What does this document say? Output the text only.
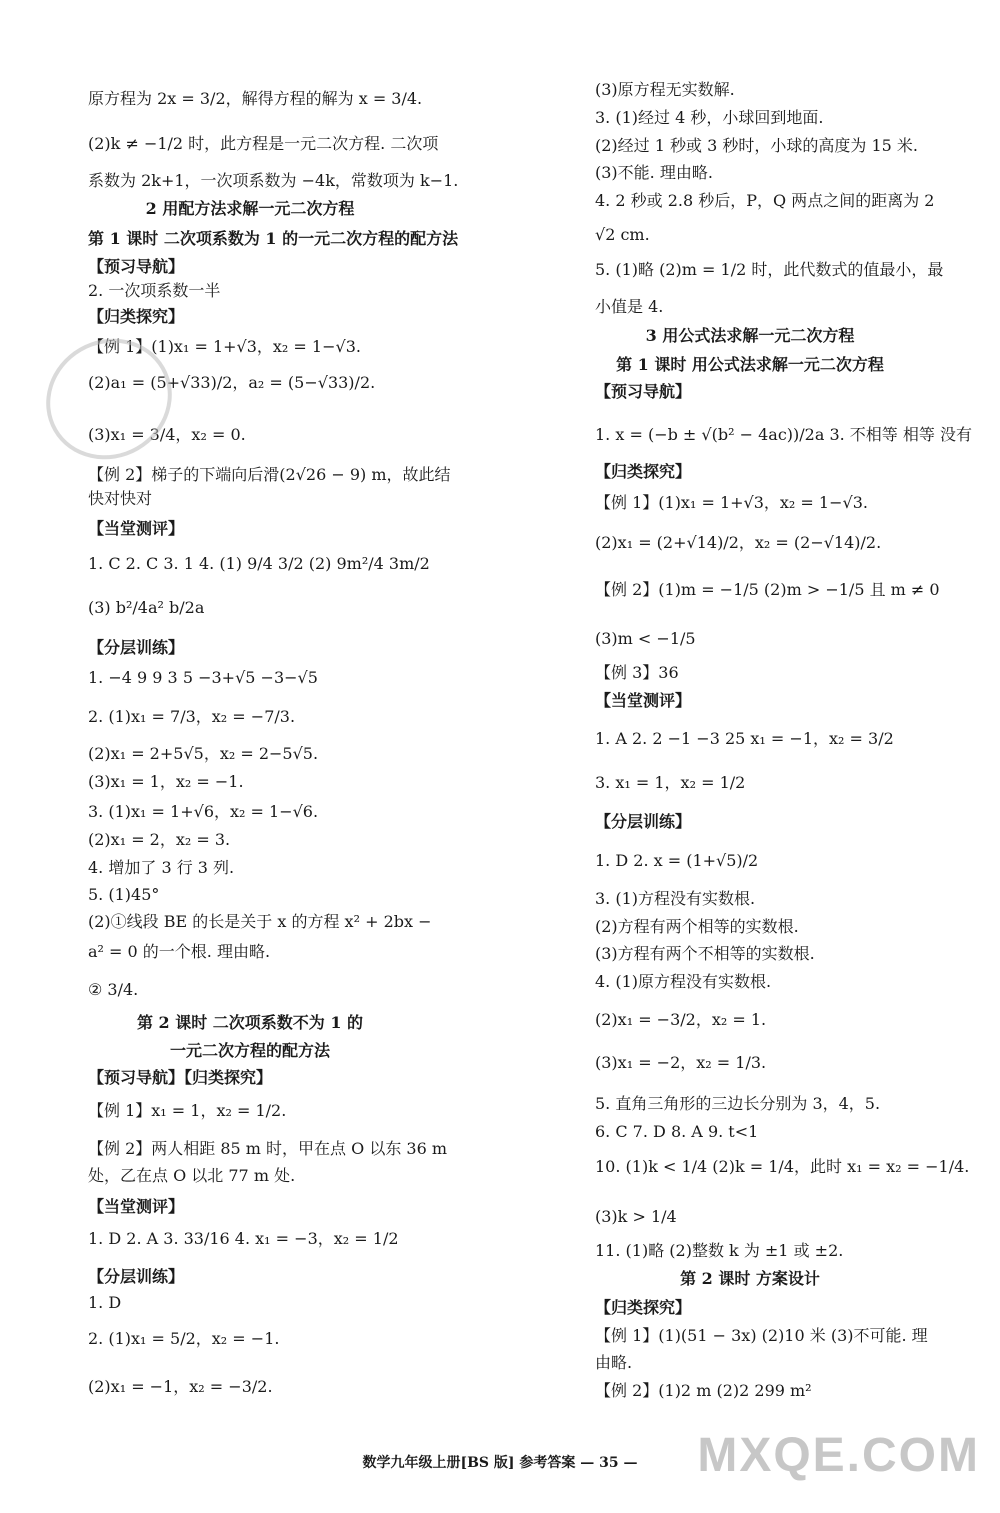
原方程为 2x = 3/2，解得方程的解为 x = 3/4.
(2)k ≠ −1/2 时，此方程是一元二次方程. 二次项
系数为 2k+1，一次项系数为 −4k，常数项为 k−1.
2 用配方法求解一元二次方程
第 1 课时 二次项系数为 1 的一元二次方程的配方法
【预习导航】
2. 一次项系数一半
【归类探究】
【例 1】(1)x₁ = 1+√3，x₂ = 1−√3.
(2)a₁ = (5+√33)/2，a₂ = (5−√33)/2.
(3)x₁ = 3/4，x₂ = 0.
【例 2】梯子的下端向后滑(2√26 − 9) m，故此结
快对快对
【当堂测评】
1. C 2. C 3. 1 4. (1) 9/4 3/2 (2) 9m²/4 3m/2
(3) b²/4a² b/2a
【分层训练】
1. −4 9 9 3 5 −3+√5 −3−√5
2. (1)x₁ = 7/3，x₂ = −7/3.
(2)x₁ = 2+5√5，x₂ = 2−5√5.
(3)x₁ = 1，x₂ = −1.
3. (1)x₁ = 1+√6，x₂ = 1−√6.
(2)x₁ = 2，x₂ = 3.
4. 增加了 3 行 3 列.
5. (1)45°
(2)①线段 BE 的长是关于 x 的方程 x² + 2bx −
a² = 0 的一个根. 理由略.
② 3/4.
第 2 课时 二次项系数不为 1 的
一元二次方程的配方法
【预习导航】【归类探究】
【例 1】x₁ = 1，x₂ = 1/2.
【例 2】两人相距 85 m 时，甲在点 O 以东 36 m
处，乙在点 O 以北 77 m 处.
【当堂测评】
1. D 2. A 3. 33/16 4. x₁ = −3，x₂ = 1/2
【分层训练】
1. D
2. (1)x₁ = 5/2，x₂ = −1.
(2)x₁ = −1，x₂ = −3/2.
(3)原方程无实数解.
3. (1)经过 4 秒，小球回到地面.
(2)经过 1 秒或 3 秒时，小球的高度为 15 米.
(3)不能. 理由略.
4. 2 秒或 2.8 秒后，P，Q 两点之间的距离为 2
√2 cm.
5. (1)略 (2)m = 1/2 时，此代数式的值最小，最
小值是 4.
3 用公式法求解一元二次方程
第 1 课时 用公式法求解一元二次方程
【预习导航】
1. x = (−b ± √(b² − 4ac))/2a 3. 不相等 相等 没有
【归类探究】
【例 1】(1)x₁ = 1+√3，x₂ = 1−√3.
(2)x₁ = (2+√14)/2，x₂ = (2−√14)/2.
【例 2】(1)m = −1/5 (2)m > −1/5 且 m ≠ 0
(3)m < −1/5
【例 3】36
【当堂测评】
1. A 2. 2 −1 −3 25 x₁ = −1，x₂ = 3/2
3. x₁ = 1，x₂ = 1/2
【分层训练】
1. D 2. x = (1+√5)/2
3. (1)方程没有实数根.
(2)方程有两个相等的实数根.
(3)方程有两个不相等的实数根.
4. (1)原方程没有实数根.
(2)x₁ = −3/2，x₂ = 1.
(3)x₁ = −2，x₂ = 1/3.
5. 直角三角形的三边长分别为 3，4，5.
6. C 7. D 8. A 9. t<1
10. (1)k < 1/4 (2)k = 1/4，此时 x₁ = x₂ = −1/4.
(3)k > 1/4
11. (1)略 (2)整数 k 为 ±1 或 ±2.
第 2 课时 方案设计
【归类探究】
【例 1】(1)(51 − 3x) (2)10 米 (3)不可能. 理
由略.
【例 2】(1)2 m (2)2 299 m²
数学九年级上册[BS 版] 参考答案 — 35 —	MXQE.COM
